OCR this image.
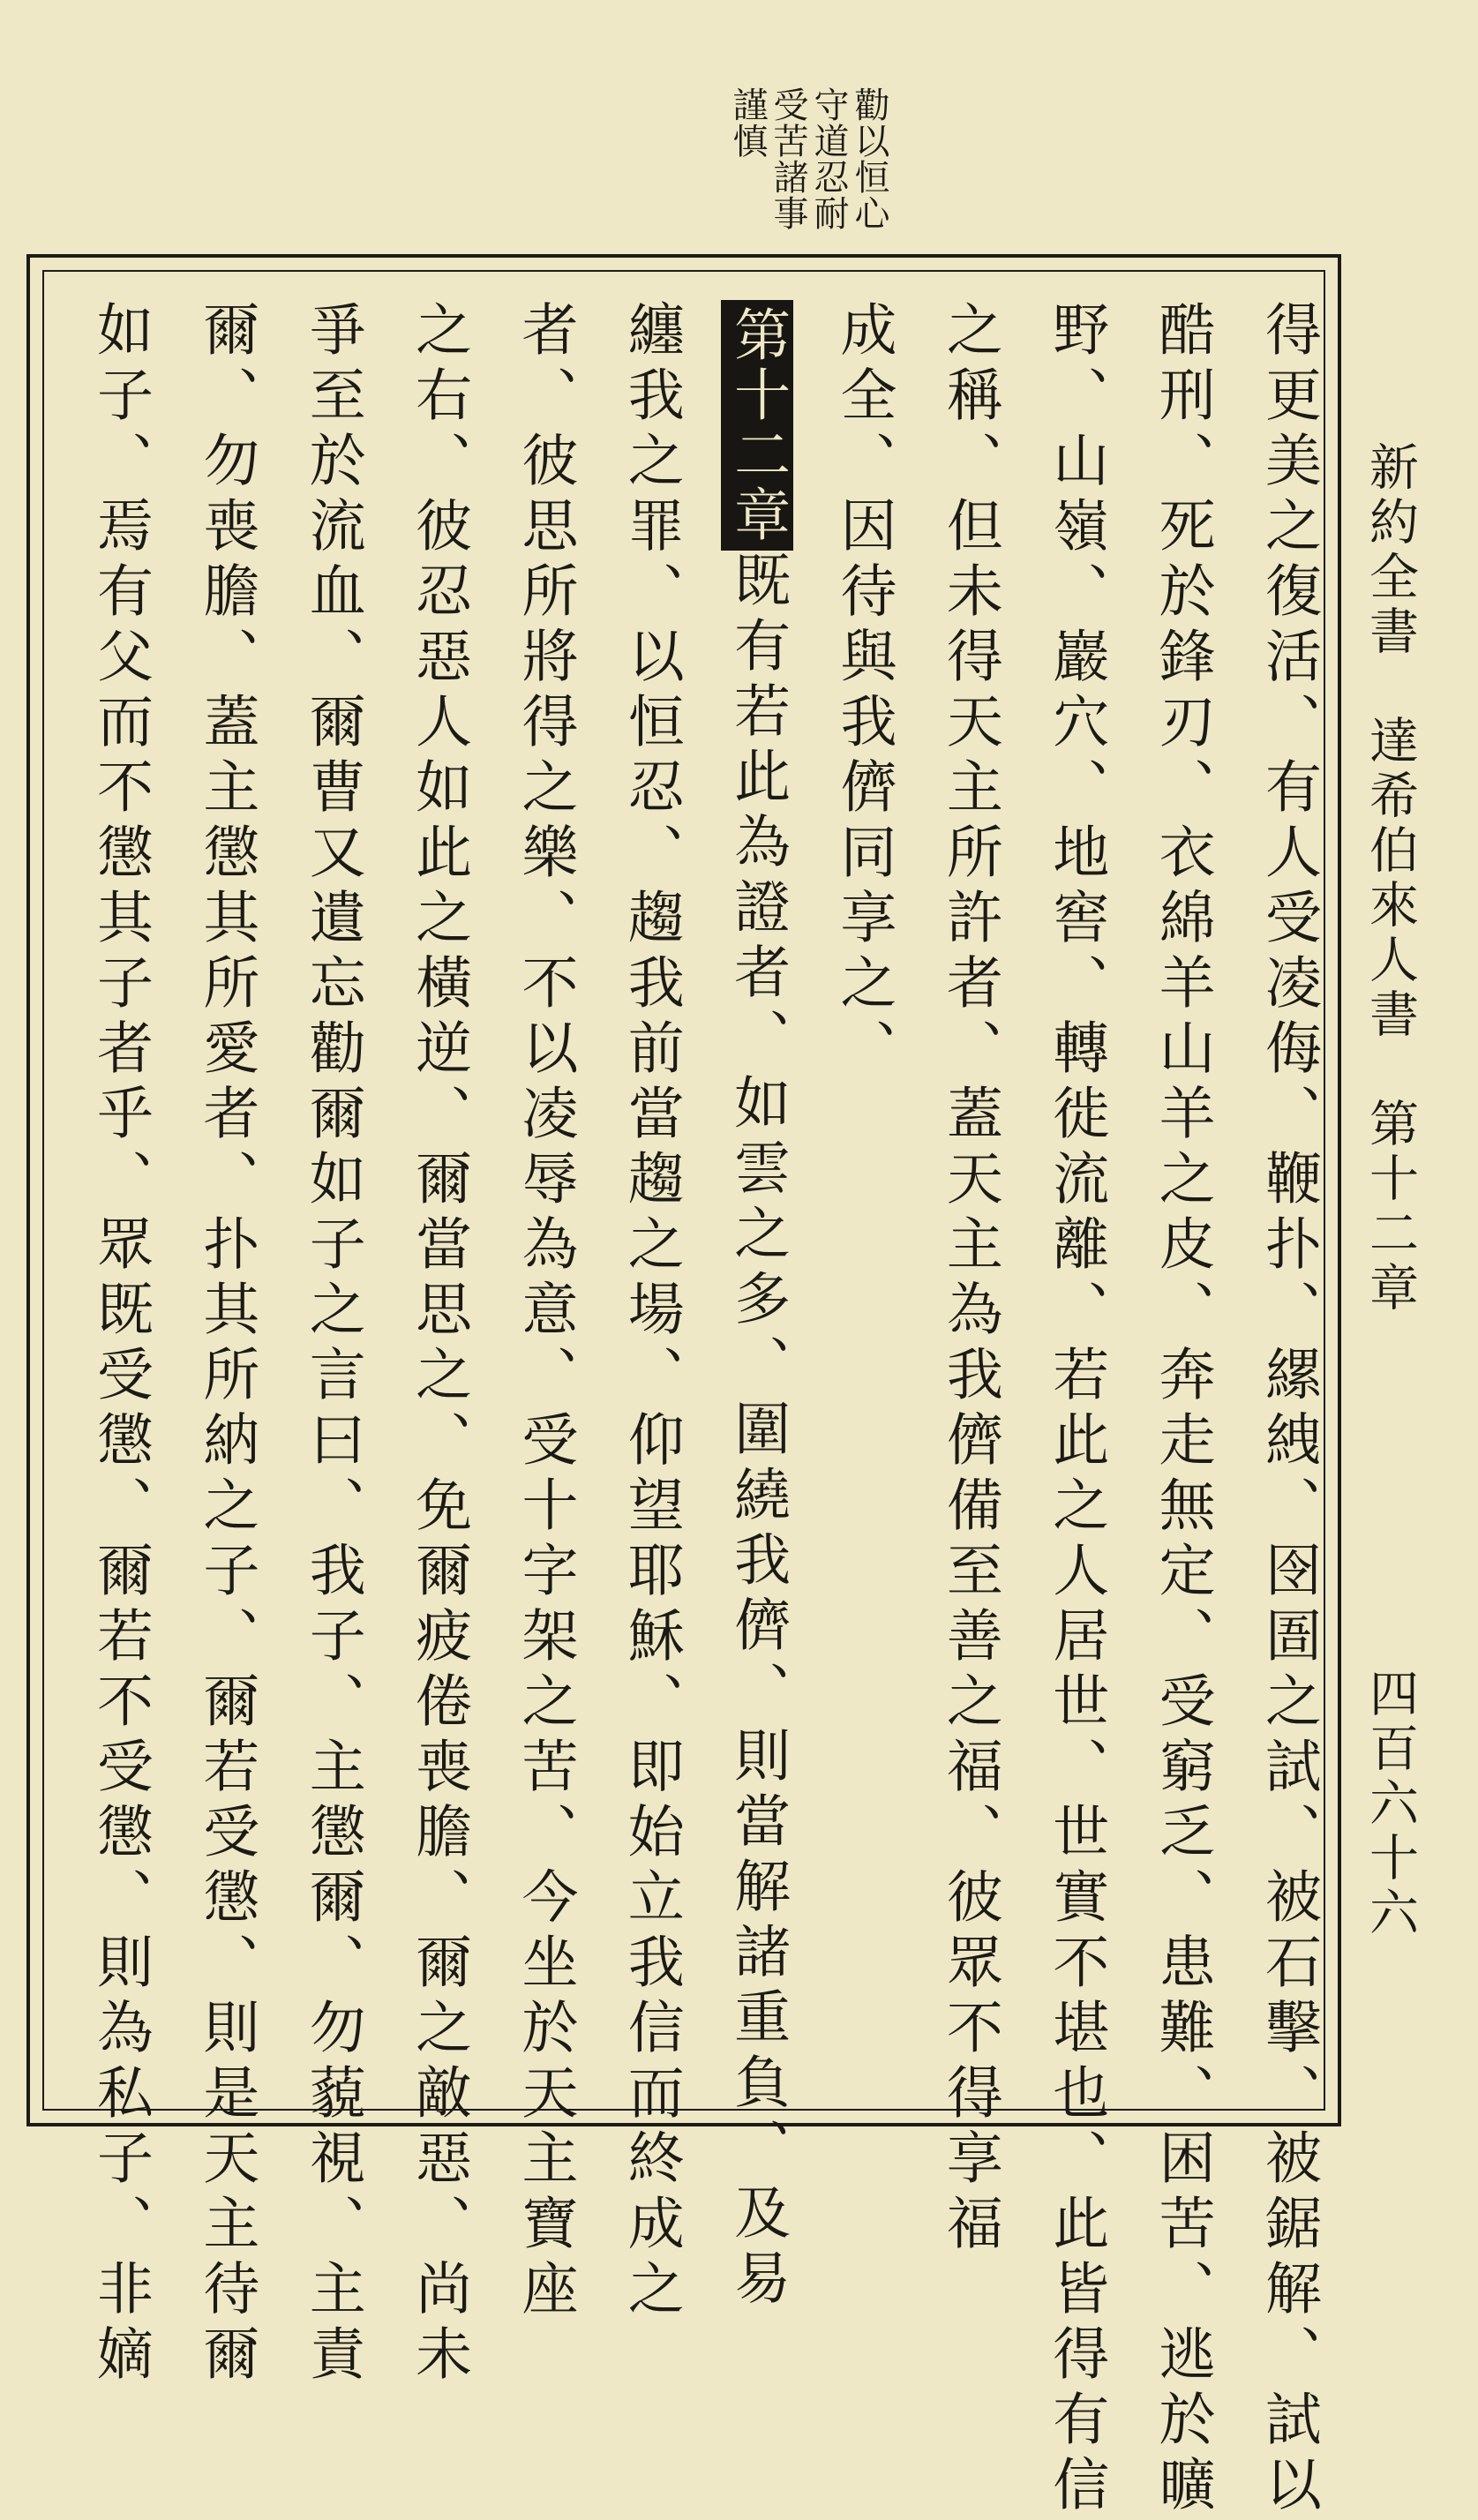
勸以恒心
守道忍耐
受苦諸事
謹慎
得更美之復活、有人受凌侮、鞭扑、縲絏、囹圄之試、被石擊、被鋸解、試以
酷刑、死於鋒刃、衣綿羊山羊之皮、奔走無定、受窮乏、患難、困苦、逃於曠
野、山嶺、巖穴、地窖、轉徙流離、若此之人居世、世實不堪也、此皆得有信
之稱、但未得天主所許者、蓋天主為我儕備至善之福、彼眾不得享福
成全、因待與我儕同享之、
第十二章既有若此為證者、如雲之多、圍繞我儕、則當解諸重負、及易
纏我之罪、以恒忍、趨我前當趨之場、仰望耶穌、即始立我信而終成之
者、彼思所將得之樂、不以凌辱為意、受十字架之苦、今坐於天主寶座
之右、彼忍惡人如此之橫逆、爾當思之、免爾疲倦喪膽、爾之敵惡、尚未
爭至於流血、爾曹又遺忘勸爾如子之言曰、我子、主懲爾、勿藐視、主責
爾、勿喪膽、蓋主懲其所愛者、扑其所納之子、爾若受懲、則是天主待爾
如子、焉有父而不懲其子者乎、眾既受懲、爾若不受懲、則為私子、非嫡	新約全書　達希伯來人書　第十二章
四百六十六
